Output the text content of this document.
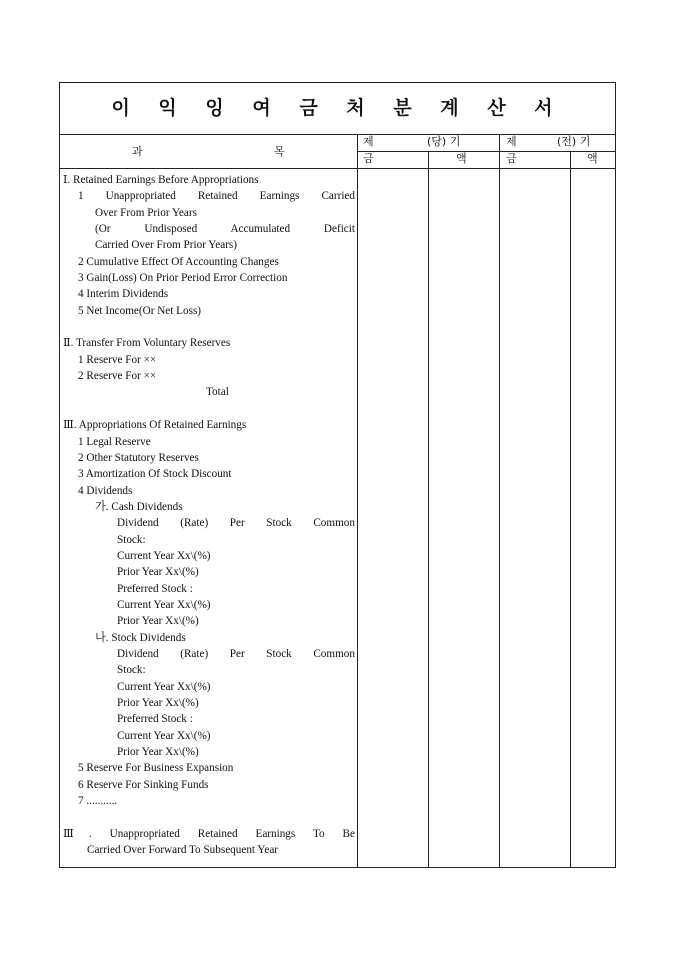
이 익 잉 여 금 처 분 계 산 서
과	목
제	(당) 기
금	액
제	(전) 기
금	액
Ⅰ. Retained Earnings Before Appropriations
1 Unappropriated Retained Earnings Carried
Over From Prior Years
(Or Undisposed Accumulated Deficit
Carried Over From Prior Years)
2 Cumulative Effect Of Accounting Changes
3 Gain(Loss) On Prior Period Error Correction
4 Interim Dividends
5 Net Income(Or Net Loss)
Ⅱ. Transfer From Voluntary Reserves
1 Reserve For ××
2 Reserve For ××
Total
Ⅲ. Appropriations Of Retained Earnings
1 Legal Reserve
2 Other Statutory Reserves
3 Amortization Of Stock Discount
4 Dividends
가. Cash Dividends
Dividend (Rate) Per Stock Common
Stock:
Current Year Xx\(%)
Prior Year Xx\(%)
Preferred Stock :
Current Year Xx\(%)
Prior Year Xx\(%)
나. Stock Dividends
Dividend (Rate) Per Stock Common
Stock:
Current Year Xx\(%)
Prior Year Xx\(%)
Preferred Stock :
Current Year Xx\(%)
Prior Year Xx\(%)
5 Reserve For Business Expansion
6 Reserve For Sinking Funds
7 ...........
Ⅲ. Unappropriated Retained Earnings To Be
Carried Over Forward To Subsequent Year
